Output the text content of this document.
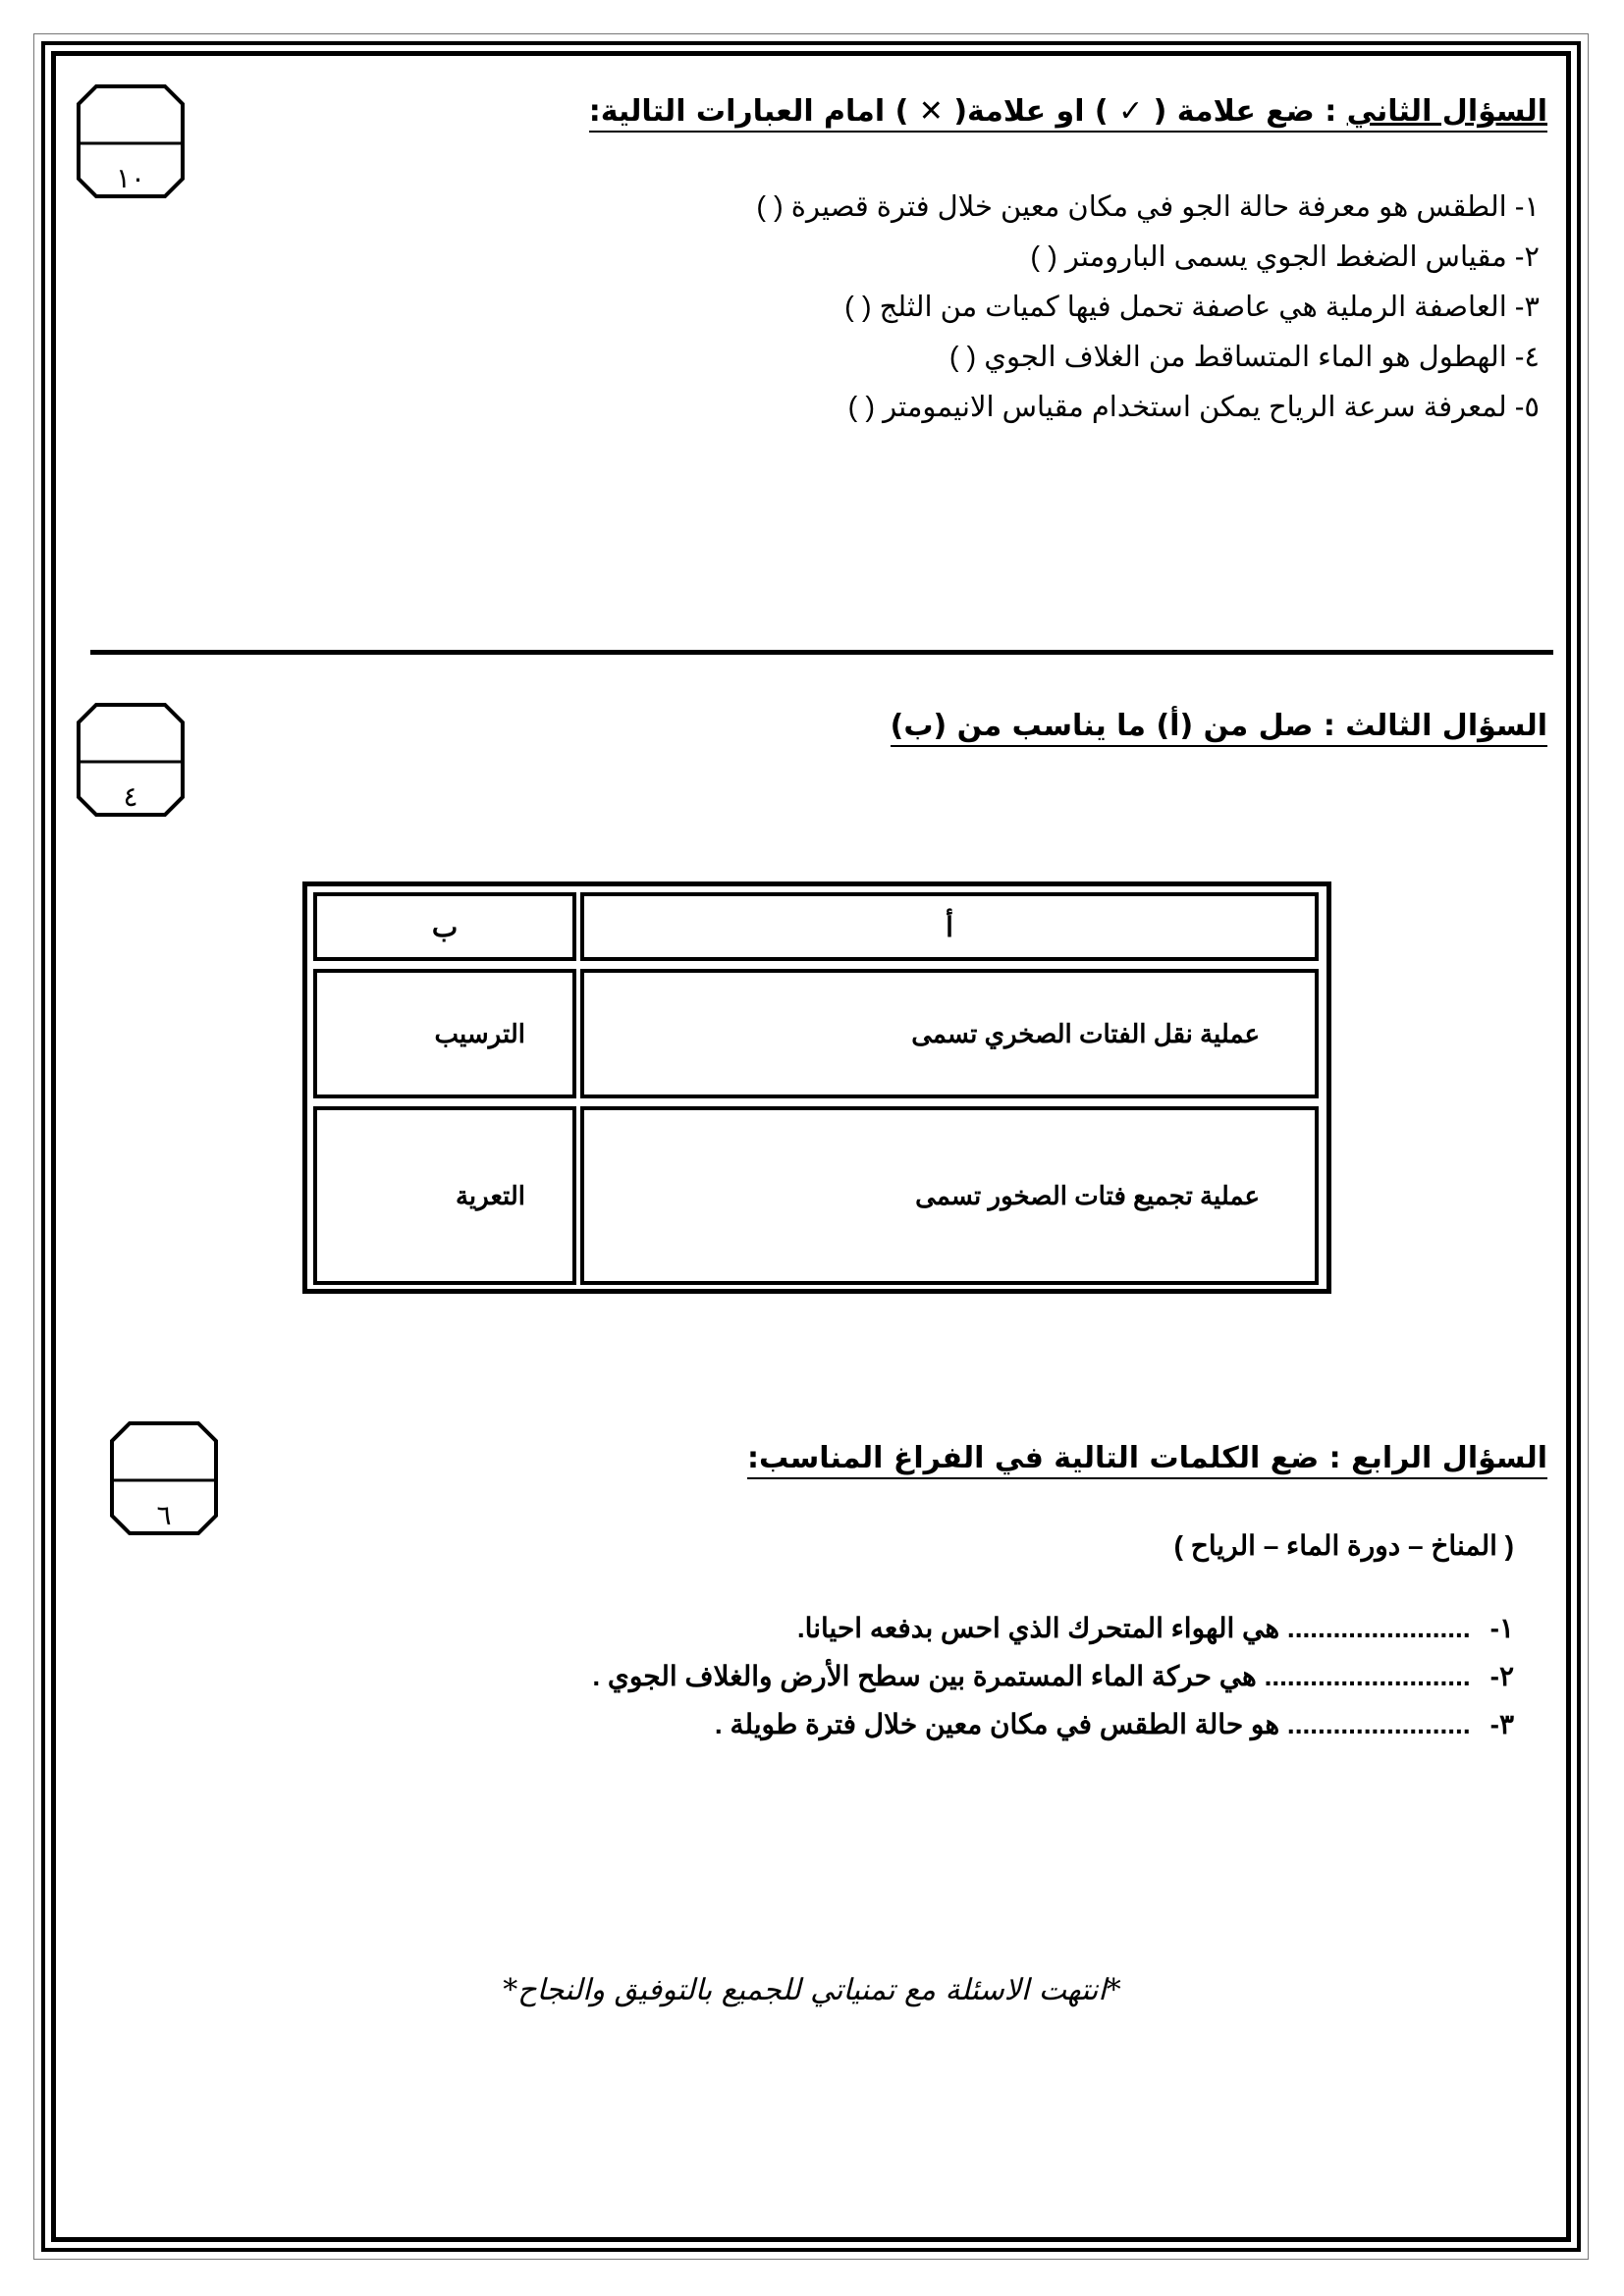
١٠
السؤال الثاني : ضع علامة ( ✓ ) او علامة( ✕ ) امام العبارات التالية:
١-الطقس هو معرفة حالة الجو في مكان معين خلال فترة قصيرة ( )
٢-مقياس الضغط الجوي يسمى البارومتر ( )
٣-العاصفة الرملية هي عاصفة تحمل فيها كميات من الثلج ( )
٤-الهطول هو الماء المتساقط من الغلاف الجوي ( )
٥-لمعرفة سرعة الرياح يمكن استخدام مقياس الانيمومتر ( )
٤
السؤال الثالث : صل من (أ) ما يناسب من (ب)
أ
ب
عملية نقل الفتات الصخري تسمى
الترسيب
عملية تجميع فتات الصخور تسمى
التعرية
٦
السؤال الرابع : ضع الكلمات التالية في الفراغ المناسب:
( المناخ – دورة الماء – الرياح )
١-........................ هي الهواء المتحرك الذي احس بدفعه احيانا.
٢-........................... هي حركة الماء المستمرة بين سطح الأرض والغلاف الجوي .
٣-........................ هو حالة الطقس في مكان معين خلال فترة طويلة .
*انتهت الاسئلة مع تمنياتي للجميع بالتوفيق والنجاح*
